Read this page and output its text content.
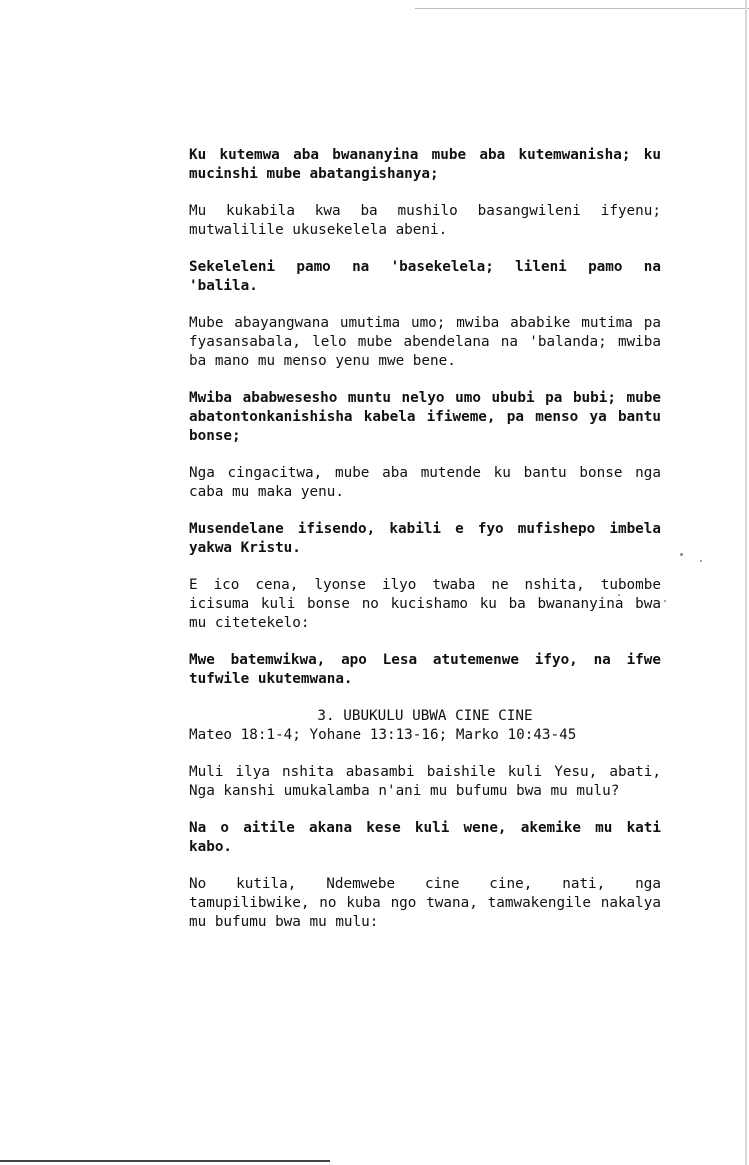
Ku kutemwa aba bwananyina mube aba kutemwanisha; ku mucinshi mube abatangishanya;

Mu kukabila kwa ba mushilo basangwileni ifyenu; mutwalilile ukusekelela abeni.

Sekeleleni pamo na 'basekelela; lileni pamo na 'balila.

Mube abayangwana umutima umo; mwiba ababike mutima pa fyasansabala, lelo mube abendelana na 'balanda; mwiba ba mano mu menso yenu mwe bene.

Mwiba ababwesesho muntu nelyo umo ububi pa bubi; mube abatontonkanishisha kabela ifiweme, pa menso ya bantu bonse;

Nga cingacitwa, mube aba mutende ku bantu bonse nga caba mu maka yenu.

Musendelane ifisendo, kabili e fyo mufishepo imbela yakwa Kristu.

E ico cena, lyonse ilyo twaba ne nshita, tubombe icisuma kuli bonse no kucishamo ku ba bwananyina bwa mu citetekelo:

Mwe batemwikwa, apo Lesa atutemenwe ifyo, na ifwe tufwile ukutemwana.

3. UBUKULU UBWA CINE CINE

Mateo 18:1-4; Yohane 13:13-16; Marko 10:43-45

Muli ilya nshita abasambi baishile kuli Yesu, abati, Nga kanshi umukalamba n'ani mu bufumu bwa mu mulu?

Na o aitile akana kese kuli wene, akemike mu kati kabo.

No kutila, Ndemwebe cine cine, nati, nga tamupilibwike, no kuba ngo twana, tamwakengile nakalya mu bufumu bwa mu mulu:
